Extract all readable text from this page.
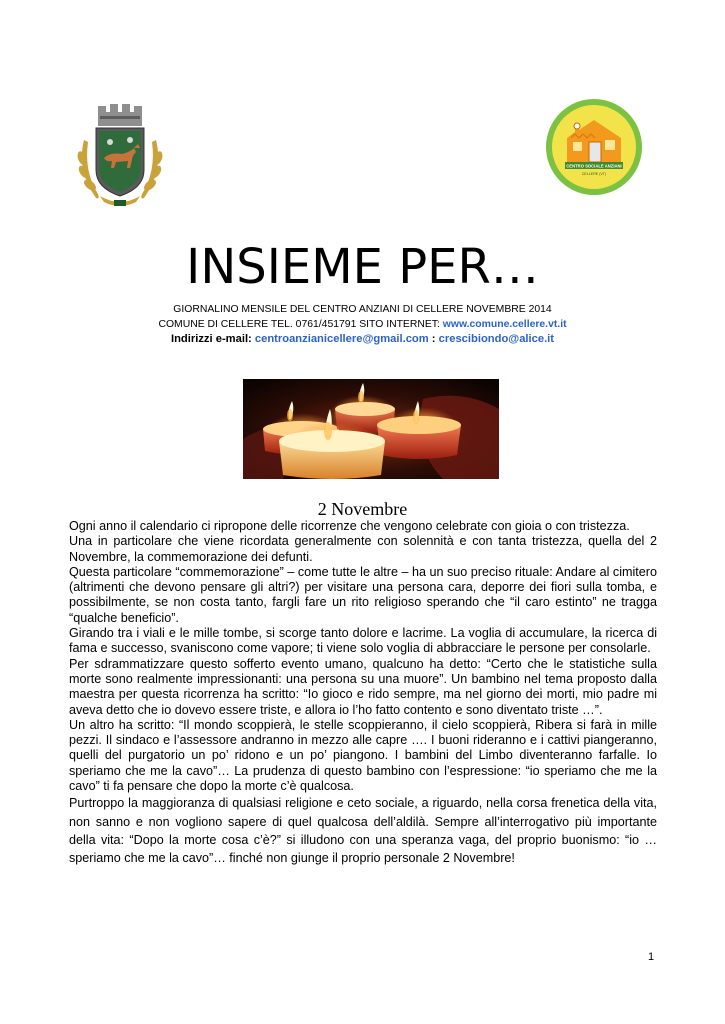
CENTRO SOCIALE ANZIANI
CELLERE (VT)
INSIEME PER…
GIORNALINO MENSILE DEL CENTRO ANZIANI DI CELLERE NOVEMBRE 2014
COMUNE DI CELLERE TEL. 0761/451791 SITO INTERNET: www.comune.cellere.vt.it
Indirizzi e-mail: centroanzianicellere@gmail.com : crescibiondo@alice.it
2 Novembre

Ogni anno il calendario ci ripropone delle ricorrenze che vengono celebrate con gioia o con tristezza.

Una in particolare che viene ricordata generalmente con solennità e con tanta tristezza, quella del 2 Novembre, la commemorazione dei defunti.

Questa particolare “commemorazione” – come tutte le altre – ha un suo preciso rituale: Andare al cimitero (altrimenti che devono pensare gli altri?) per visitare una persona cara, deporre dei fiori sulla tomba, e possibilmente, se non costa tanto, fargli fare un rito religioso sperando che “il caro estinto” ne tragga “qualche beneficio”.

Girando tra i viali e le mille tombe, si scorge tanto dolore e lacrime. La voglia di accumulare, la ricerca di fama e successo, svaniscono come vapore; ti viene solo voglia di abbracciare le persone per consolarle.

Per sdrammatizzare questo sofferto evento umano, qualcuno ha detto: “Certo che le statistiche sulla morte sono realmente impressionanti: una persona su una muore”. Un bambino nel tema proposto dalla maestra per questa ricorrenza ha scritto: “Io gioco e rido sempre, ma nel giorno dei morti, mio padre mi aveva detto che io dovevo essere triste, e allora io l’ho fatto contento e sono diventato triste …”.

Un altro ha scritto: “Il mondo scoppierà, le stelle scoppieranno, il cielo scoppierà, Ribera si farà in mille pezzi. Il sindaco e l’assessore andranno in mezzo alle capre …. I buoni rideranno e i cattivi piangeranno, quelli del purgatorio un po’ ridono e un po’ piangono. I bambini del Limbo diventeranno farfalle. Io speriamo che me la cavo”… La prudenza di questo bambino con l’espressione: “io speriamo che me la cavo” ti fa pensare che dopo la morte c’è qualcosa.

Purtroppo la maggioranza di qualsiasi religione e ceto sociale, a riguardo, nella corsa frenetica della vita, non sanno e non vogliono sapere di quel qualcosa dell’aldilà. Sempre all’interrogativo più importante della vita: “Dopo la morte cosa c’è?” si illudono con una speranza vaga, del proprio buonismo: “io … speriamo che me la cavo”… finché non giunge il proprio personale 2 Novembre!

1
